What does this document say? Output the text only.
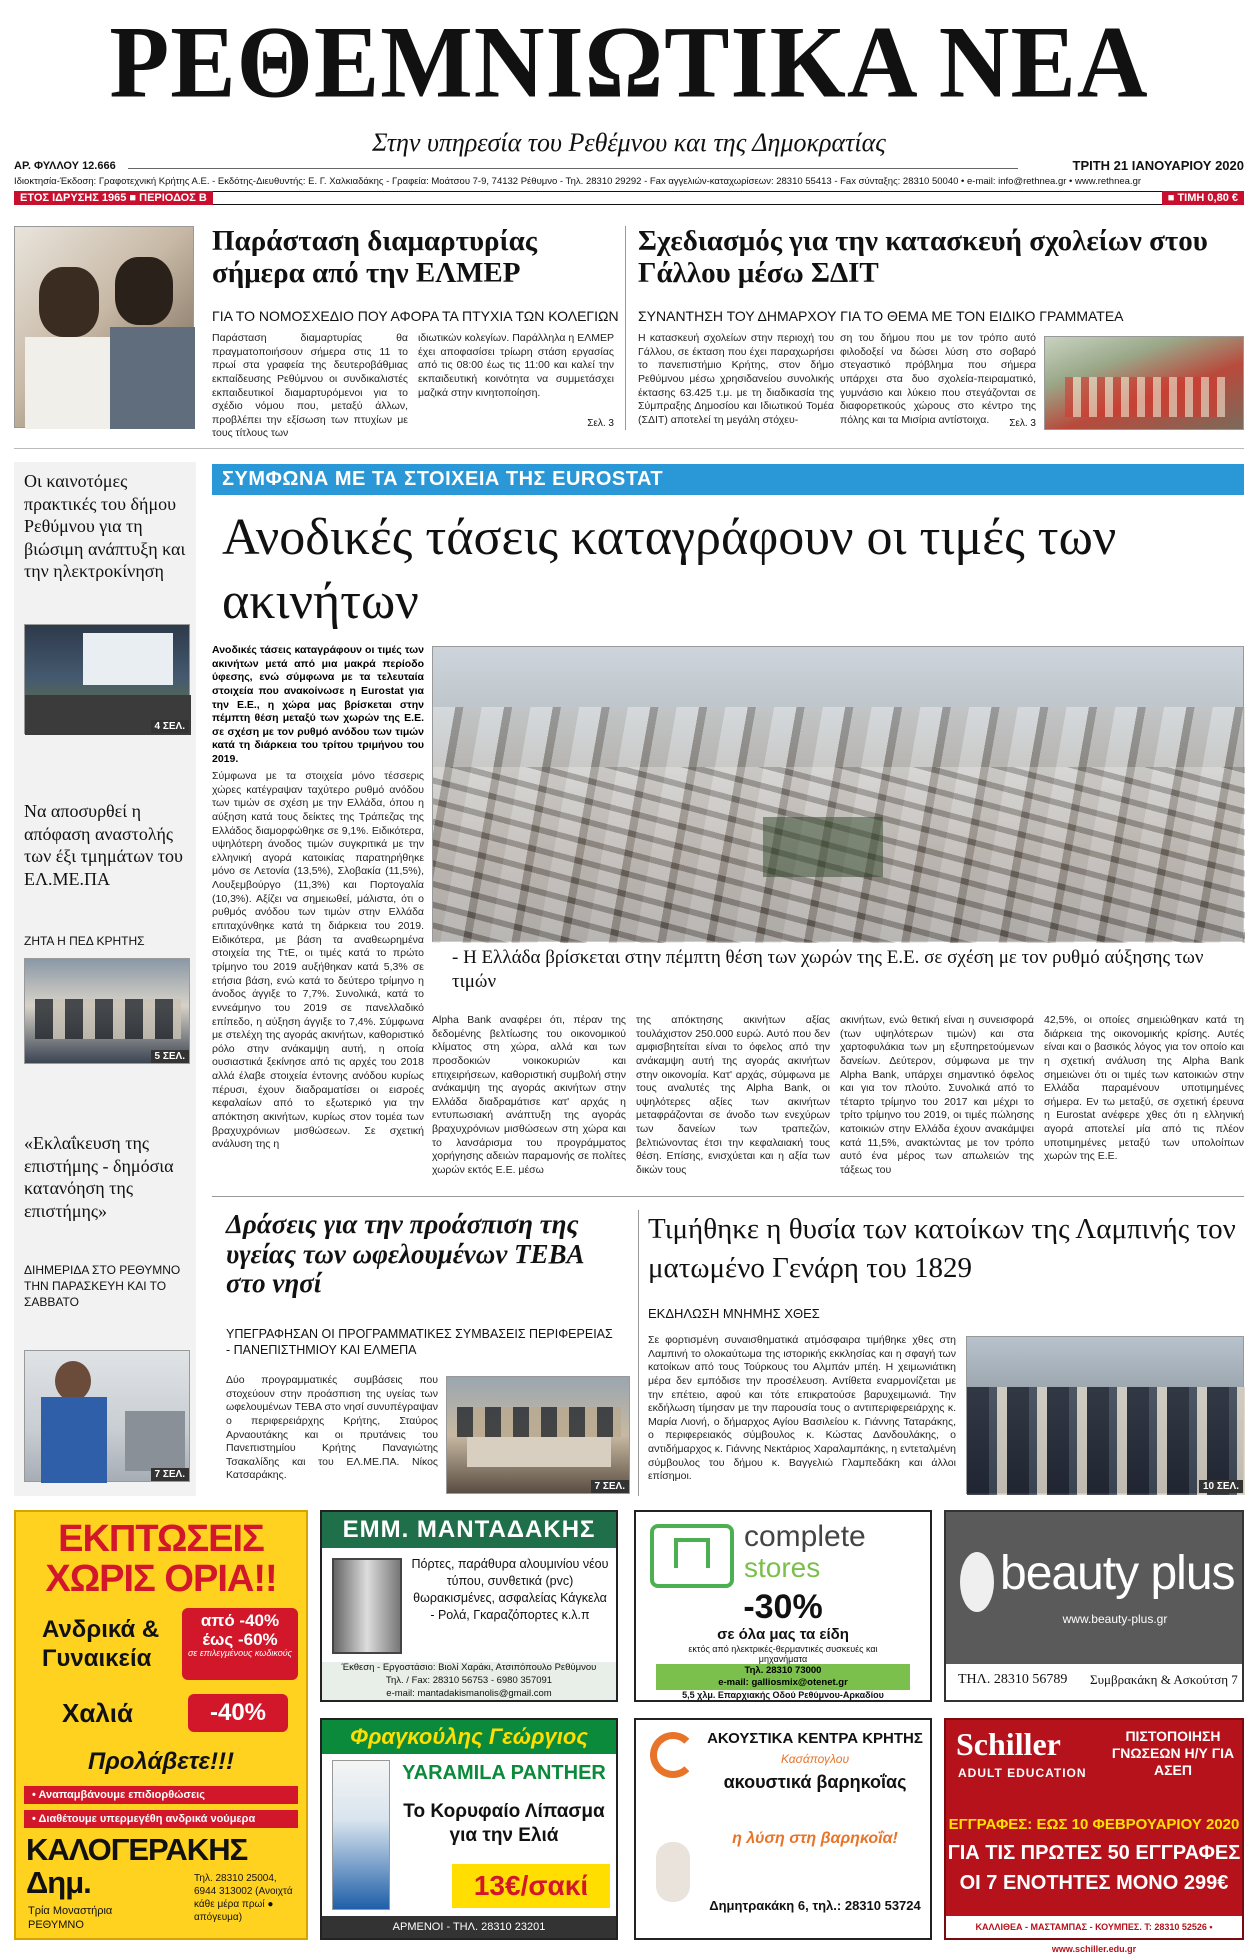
ΡΕΘΕΜΝΙΩΤΙΚΑ ΝΕΑ
Στην υπηρεσία του Ρεθέμνου και της Δημοκρατίας
ΑΡ. ΦΥΛΛΟΥ 12.666	ΤΡΙΤΗ 21 ΙΑΝΟΥΑΡΙΟΥ 2020
Ιδιοκτησία-Έκδοση: Γραφοτεχνική Κρήτης Α.Ε. - Εκδότης-Διευθυντής: Ε. Γ. Χαλκιαδάκης - Γραφεία: Μοάτσου 7-9, 74132 Ρέθυμνο - Τηλ. 28310 29292 - Fax αγγελιών-καταχωρίσεων: 28310 55413 - Fax σύνταξης: 28310 50040 • e-mail: info@rethnea.gr • www.rethnea.gr
ΕΤΟΣ ΙΔΡΥΣΗΣ 1965 ■ ΠΕΡΙΟΔΟΣ Β	■ ΤΙΜΗ 0,80 €
Παράσταση διαμαρτυρίας σήμερα από την ΕΛΜΕΡ
ΓΙΑ ΤΟ ΝΟΜΟΣΧΕΔΙΟ ΠΟΥ ΑΦΟΡΑ ΤΑ ΠΤΥΧΙΑ ΤΩΝ ΚΟΛΕΓΙΩΝ
Παράσταση διαμαρτυρίας θα πραγματοποιήσουν σήμερα στις 11 το πρωί στα γραφεία της δευτεροβάθμιας εκπαίδευσης Ρεθύμνου οι συνδικαλιστές εκπαιδευτικοί διαμαρτυρόμενοι για το σχέδιο νόμου που, μεταξύ άλλων, προβλέπει την εξίσωση των πτυχίων με τους τίτλους των
ιδιωτικών κολεγίων. Παράλληλα η ΕΛΜΕΡ έχει αποφασίσει τρίωρη στάση εργασίας από τις 08:00 έως τις 11:00 και καλεί την εκπαιδευτική κοινότητα να συμμετάσχει μαζικά στην κινητοποίηση.
Σελ. 3
Σχεδιασμός για την κατασκευή σχολείων στου Γάλλου μέσω ΣΔΙΤ
ΣΥΝΑΝΤΗΣΗ ΤΟΥ ΔΗΜΑΡΧΟΥ ΓΙΑ ΤΟ ΘΕΜΑ ΜΕ ΤΟΝ ΕΙΔΙΚΟ ΓΡΑΜΜΑΤΕΑ
Η κατασκευή σχολείων στην περιοχή του Γάλλου, σε έκταση που έχει παραχωρήσει το πανεπιστήμιο Κρήτης, στον δήμο Ρεθύμνου μέσω χρησιδανείου συνολικής έκτασης 63.425 τ.μ. με τη διαδικασία της Σύμπραξης Δημοσίου και Ιδιωτικού Τομέα (ΣΔΙΤ) αποτελεί τη μεγάλη στόχευ-
ση του δήμου που με τον τρόπο αυτό φιλοδοξεί να δώσει λύση στο σοβαρό στεγαστικό πρόβλημα που σήμερα υπάρχει στα δυο σχολεία-πειραματικό, γυμνάσιο και λύκειο που στεγάζονται σε διαφορετικούς χώρους στο κέντρο της πόλης και τα Μισίρια αντίστοιχα.	Σελ. 3
Οι καινοτόμες πρακτικές του δήμου Ρεθύμνου για τη βιώσιμη ανάπτυξη και την ηλεκτροκίνηση
4 ΣΕΛ.
Να αποσυρθεί η απόφαση αναστολής των έξι τμημάτων του ΕΛ.ΜΕ.ΠΑ
ΖΗΤΑ Η ΠΕΔ ΚΡΗΤΗΣ
5 ΣΕΛ.
«Εκλαΐκευση της επιστήμης - δημόσια κατανόηση της επιστήμης»
ΔΙΗΜΕΡΙΔΑ ΣΤΟ ΡΕΘΥΜΝΟ ΤΗΝ ΠΑΡΑΣΚΕΥΗ ΚΑΙ ΤΟ ΣΑΒΒΑΤΟ
7 ΣΕΛ.
ΣΥΜΦΩΝΑ ΜΕ ΤΑ ΣΤΟΙΧΕΙΑ ΤΗΣ EUROSTAT
Ανοδικές τάσεις καταγράφουν οι τιμές των ακινήτων
Ανοδικές τάσεις καταγράφουν οι τιμές των ακινήτων μετά από μια μακρά περίοδο ύφεσης, ενώ σύμφωνα με τα τελευταία στοιχεία που ανακοίνωσε η Eurostat για την Ε.Ε., η χώρα μας βρίσκεται στην πέμπτη θέση μεταξύ των χωρών της Ε.Ε. σε σχέση με τον ρυθμό ανόδου των τιμών κατά τη διάρκεια του τρίτου τριμήνου του 2019.
Σύμφωνα με τα στοιχεία μόνο τέσσερις χώρες κατέγραψαν ταχύτερο ρυθμό ανόδου των τιμών σε σχέση με την Ελλάδα, όπου η αύξηση κατά τους δείκτες της Τράπεζας της Ελλάδος διαμορφώθηκε σε 9,1%. Ειδικότερα, υψηλότερη άνοδος τιμών συγκριτικά με την ελληνική αγορά κατοικίας παρατηρήθηκε μόνο σε Λετονία (13,5%), Σλοβακία (11,5%), Λουξεμβούργο (11,3%) και Πορτογαλία (10,3%). Αξίζει να σημειωθεί, μάλιστα, ότι ο ρυθμός ανόδου των τιμών στην Ελλάδα επιταχύνθηκε κατά τη διάρκεια του 2019. Ειδικότερα, με βάση τα αναθεωρημένα στοιχεία της ΤτΕ, οι τιμές κατά το πρώτο τρίμηνο του 2019 αυξήθηκαν κατά 5,3% σε ετήσια βάση, ενώ κατά το δεύτερο τρίμηνο η άνοδος άγγιξε το 7,7%. Συνολικά, κατά το εννεάμηνο του 2019 σε πανελλαδικό επίπεδο, η αύξηση άγγιξε το 7,4%. Σύμφωνα με στελέχη της αγοράς ακινήτων, καθοριστικό ρόλο στην ανάκαμψη αυτή, η οποία ουσιαστικά ξεκίνησε από τις αρχές του 2018 αλλά έλαβε στοιχεία έντονης ανόδου κυρίως πέρυσι, έχουν διαδραματίσει οι εισροές κεφαλαίων από το εξωτερικό για την απόκτηση ακινήτων, κυρίως στον τομέα των βραχυχρόνιων μισθώσεων. Σε σχετική ανάλυση της η
- Η Ελλάδα βρίσκεται στην πέμπτη θέση των χωρών της Ε.Ε. σε σχέση με τον ρυθμό αύξησης των τιμών
Alpha Bank αναφέρει ότι, πέραν της δεδομένης βελτίωσης του οικονομικού κλίματος στη χώρα, αλλά και των προσδοκιών νοικοκυριών και επιχειρήσεων, καθοριστική συμβολή στην ανάκαμψη της αγοράς ακινήτων στην Ελλάδα διαδραμάτισε κατ' αρχάς η εντυπωσιακή ανάπτυξη της αγοράς βραχυχρόνιων μισθώσεων στη χώρα και το λανσάρισμα του προγράμματος χορήγησης αδειών παραμονής σε πολίτες χωρών εκτός Ε.Ε. μέσω
της απόκτησης ακινήτων αξίας τουλάχιστον 250.000 ευρώ. Αυτό που δεν αμφισβητείται είναι το όφελος από την ανάκαμψη αυτή της αγοράς ακινήτων στην οικονομία. Κατ' αρχάς, σύμφωνα με τους αναλυτές της Alpha Bank, οι υψηλότερες αξίες των ακινήτων μεταφράζονται σε άνοδο των ενεχύρων των δανείων των τραπεζών, βελτιώνοντας έτσι την κεφαλαιακή τους θέση. Επίσης, ενισχύεται και η αξία των δικών τους
ακινήτων, ενώ θετική είναι η συνεισφορά (των υψηλότερων τιμών) και στα χαρτοφυλάκια των μη εξυπηρετούμενων δανείων. Δεύτερον, σύμφωνα με την Alpha Bank, υπάρχει σημαντικό όφελος και για τον πλούτο. Συνολικά από το τέταρτο τρίμηνο του 2017 και μέχρι το τρίτο τρίμηνο του 2019, οι τιμές πώλησης κατοικιών στην Ελλάδα έχουν ανακάμψει κατά 11,5%, ανακτώντας με τον τρόπο αυτό ένα μέρος των απωλειών της τάξεως του
42,5%, οι οποίες σημειώθηκαν κατά τη διάρκεια της οικονομικής κρίσης. Αυτές είναι και ο βασικός λόγος για τον οποίο και η σχετική ανάλυση της Alpha Bank σημειώνει ότι οι τιμές των κατοικιών στην Ελλάδα παραμένουν υποτιμημένες σήμερα. Εν τω μεταξύ, σε σχετική έρευνα η Eurostat ανέφερε χθες ότι η ελληνική αγορά αποτελεί μία από τις πλέον υποτιμημένες μεταξύ των υπολοίπων χωρών της Ε.Ε.
Δράσεις για την προάσπιση της υγείας των ωφελουμένων ΤΕΒΑ στο νησί
ΥΠΕΓΡΑΦΗΣΑΝ ΟΙ ΠΡΟΓΡΑΜΜΑΤΙΚΕΣ ΣΥΜΒΑΣΕΙΣ ΠΕΡΙΦΕΡΕΙΑΣ - ΠΑΝΕΠΙΣΤΗΜΙΟΥ ΚΑΙ ΕΛΜΕΠΑ
Δύο προγραμματικές συμβάσεις που στοχεύουν στην προάσπιση της υγείας των ωφελουμένων ΤΕΒΑ στο νησί συνυπέγραψαν ο περιφερειάρχης Κρήτης, Σταύρος Αρναουτάκης και οι πρυτάνεις του Πανεπιστημίου Κρήτης Παναγιώτης Τσακαλίδης και του ΕΛ.ΜΕ.ΠΑ. Νίκος Κατσαράκης.
7 ΣΕΛ.
Τιμήθηκε η θυσία των κατοίκων της Λαμπινής τον ματωμένο Γενάρη του 1829
ΕΚΔΗΛΩΣΗ ΜΝΗΜΗΣ ΧΘΕΣ
Σε φορτισμένη συναισθηματικά ατμόσφαιρα τιμήθηκε χθες στη Λαμπινή το ολοκαύτωμα της ιστορικής εκκλησίας και η σφαγή των κατοίκων από τους Τούρκους του Αλμπάν μπέη. Η χειμωνιάτικη μέρα δεν εμπόδισε την προσέλευση. Αντίθετα εναρμονίζεται με την επέτειο, αφού και τότε επικρατούσε βαρυχειμωνιά. Την εκδήλωση τίμησαν με την παρουσία τους ο αντιπεριφερειάρχης κ. Μαρία Λιονή, ο δήμαρχος Αγίου Βασιλείου κ. Γιάννης Ταταράκης, ο περιφερειακός σύμβουλος κ. Κώστας Δανδουλάκης, ο αντιδήμαρχος κ. Γιάννης Νεκτάριος Χαραλαμπάκης, η εντεταλμένη σύμβουλος του δήμου κ. Βαγγελιώ Γλαμπεδάκη και άλλοι επίσημοι.
10 ΣΕΛ.
ΕΚΠΤΩΣΕΙΣ ΧΩΡΙΣ ΟΡΙΑ!!
Ανδρικά & Γυναικεία
από -40%
έως -60%
σε επιλεγμένους κωδικούς
Χαλιά	-40%
Προλάβετε!!!
• Αναπαμβάνουμε επιδιορθώσεις
• Διαθέτουμε υπερμεγέθη ανδρικά νούμερα
ΚΑΛΟΓΕΡΑΚΗΣ Δημ.
Τρία Μοναστήρια ΡΕΘΥΜΝΟ
Τηλ. 28310 25004, 6944 313002 (Ανοιχτά κάθε μέρα πρωί ● απόγευμα)
ΕΜΜ. ΜΑΝΤΑΔΑΚΗΣ
Πόρτες, παράθυρα αλουμινίου νέου τύπου, συνθετικά (pvc) θωρακισμένες, ασφαλείας Κάγκελα - Ρολά, Γκαραζόπορτες κ.λ.π
Έκθεση - Εργοστάσιο: Βιολί Χαράκι, Ατσιπόπουλο Ρεθύμνου
Τηλ. / Fax: 28310 56753 - 6980 357091
e-mail: mantadakismanolis@gmail.com
complete
stores
-30%
σε όλα μας τα είδη
εκτός από ηλεκτρικές-θερμαντικές συσκευές και μηχανήματα
Τηλ. 28310 73000
e-mail: galliosmix@otenet.gr
5,5 χλμ. Επαρχιακής Οδού Ρεθύμνου-Αρκαδίου
beauty plus
www.beauty-plus.gr
ΤΗΛ. 28310 56789 Συμβρακάκη & Ασκούτση 7
Φραγκούλης Γεώργιος
YARAMILA PANTHER
Το Κορυφαίο Λίπασμα για την Ελιά
13€/σακί
ΑΡΜΕΝΟΙ - ΤΗΛ. 28310 23201
ΑΚΟΥΣΤΙΚΑ ΚΕΝΤΡΑ ΚΡΗΤΗΣ
Κασάπογλου
ακουστικά βαρηκοΐας
η λύση στη βαρηκοΐα!
Δημητρακάκη 6, τηλ.: 28310 53724
Schiller
ADULT EDUCATION
ΠΙΣΤΟΠΟΙΗΣΗ ΓΝΩΣΕΩΝ Η/Υ ΓΙΑ ΑΣΕΠ
ΕΓΓΡΑΦΕΣ: ΕΩΣ 10 ΦΕΒΡΟΥΑΡΙΟΥ 2020
ΓΙΑ ΤΙΣ ΠΡΩΤΕΣ 50 ΕΓΓΡΑΦΕΣ
ΟΙ 7 ΕΝΟΤΗΤΕΣ ΜΟΝΟ 299€
ΚΑΛΛΙΘΕΑ - ΜΑΣΤΑΜΠΑΣ - ΚΟΥΜΠΕΣ. Τ: 28310 52526 • www.schiller.edu.gr
